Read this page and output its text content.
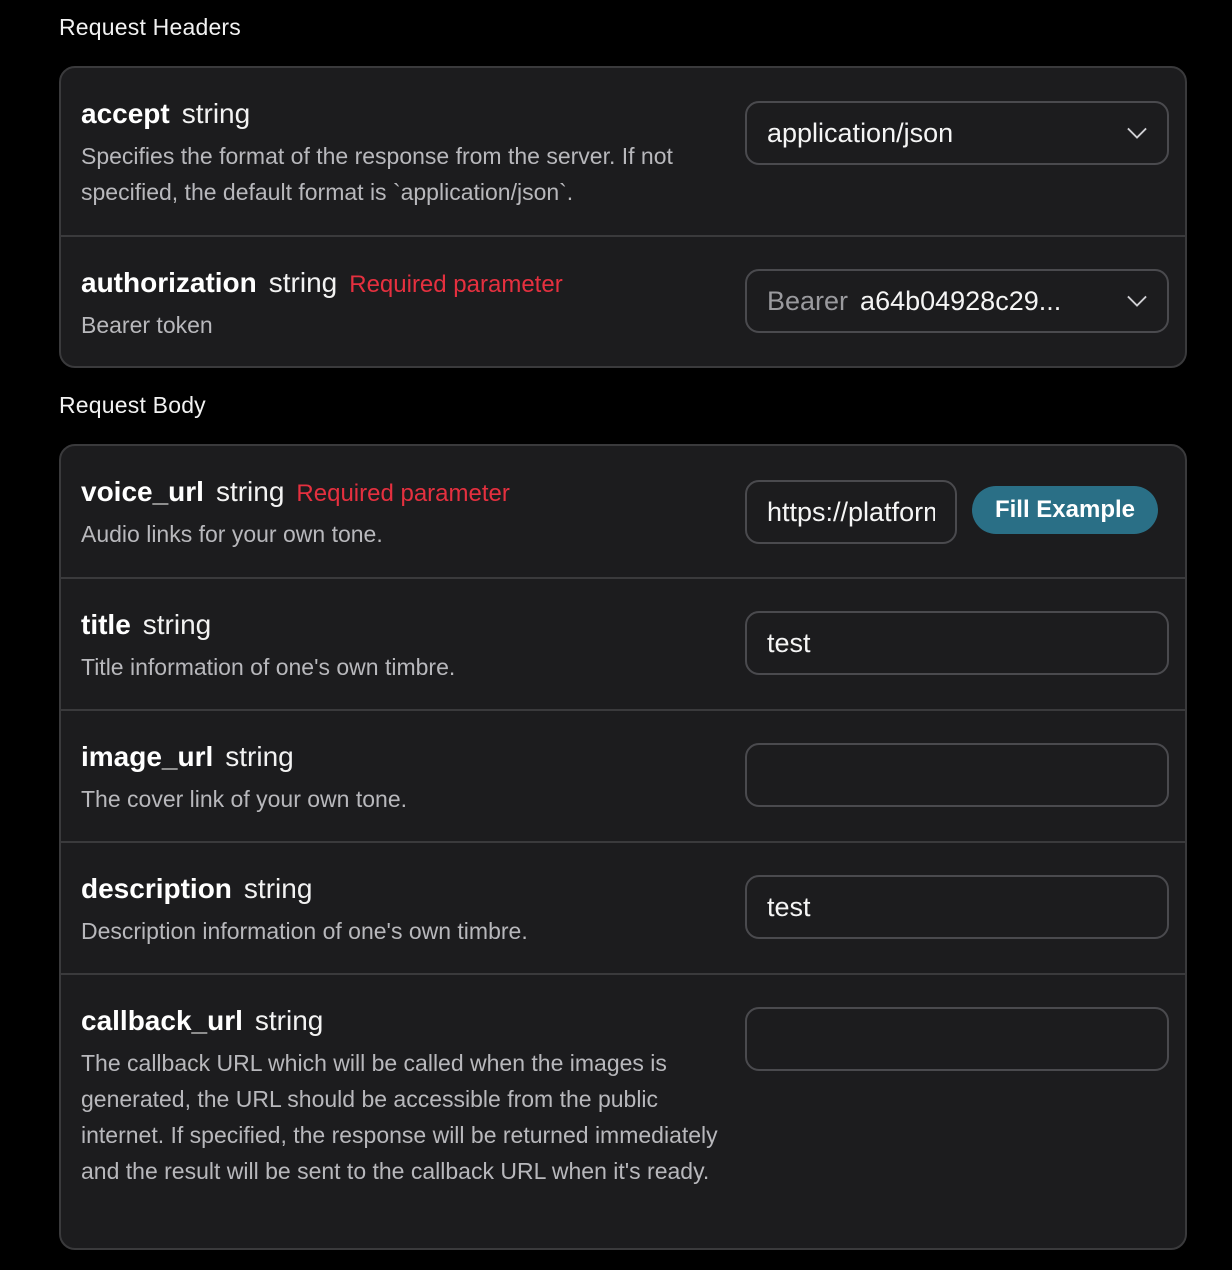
Request Headers
accept string
Specifies the format of the response from the server. If not specified, the default format is `application/json`.
application/json
authorization string Required parameter
Bearer token
Bearer a64b04928c29...
Request Body
voice_url string Required parameter
Audio links for your own tone.
https://platform
Fill Example
title string
Title information of one's own timbre.
test
image_url string
The cover link of your own tone.
description string
Description information of one's own timbre.
test
callback_url string
The callback URL which will be called when the images is generated, the URL should be accessible from the public internet. If specified, the response will be returned immediately and the result will be sent to the callback URL when it's ready.
